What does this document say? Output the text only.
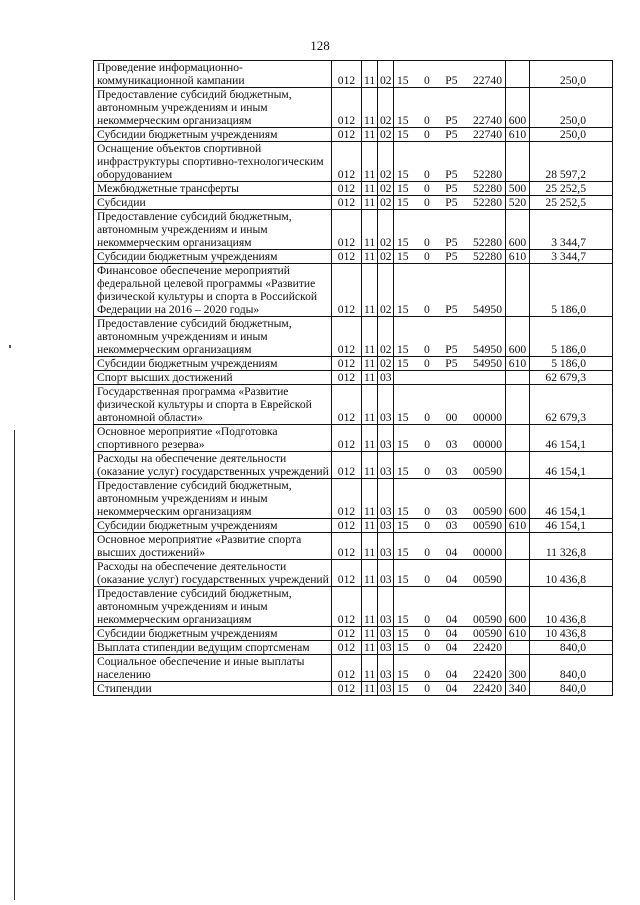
128
Проведение информационно-коммуникационной кампании	012	11	02	15 0 P5 22740		250,0
Предоставление субсидий бюджетным, автономным учреждениям и иным некоммерческим организациям	012	11	02	15 0 P5 22740	600	250,0
Субсидии бюджетным учреждениям	012	11	02	15 0 P5 22740	610	250,0
Оснащение объектов спортивной инфраструктуры спортивно-технологическим оборудованием	012	11	02	15 0 P5 52280		28 597,2
Межбюджетные трансферты	012	11	02	15 0 P5 52280	500	25 252,5
Субсидии	012	11	02	15 0 P5 52280	520	25 252,5
Предоставление субсидий бюджетным, автономным учреждениям и иным некоммерческим организациям	012	11	02	15 0 P5 52280	600	3 344,7
Субсидии бюджетным учреждениям	012	11	02	15 0 P5 52280	610	3 344,7
Финансовое обеспечение мероприятий федеральной целевой программы «Развитие физической культуры и спорта в Российской Федерации на 2016 – 2020 годы»	012	11	02	15 0 P5 54950		5 186,0
Предоставление субсидий бюджетным, автономным учреждениям и иным некоммерческим организациям	012	11	02	15 0 P5 54950	600	5 186,0
Субсидии бюджетным учреждениям	012	11	02	15 0 P5 54950	610	5 186,0
Спорт высших достижений	012	11	03			62 679,3
Государственная программа «Развитие физической культуры и спорта в Еврейской автономной области»	012	11	03	15 0 00 00000		62 679,3
Основное мероприятие «Подготовка спортивного резерва»	012	11	03	15 0 03 00000		46 154,1
Расходы на обеспечение деятельности (оказание услуг) государственных учреждений	012	11	03	15 0 03 00590		46 154,1
Предоставление субсидий бюджетным, автономным учреждениям и иным некоммерческим организациям	012	11	03	15 0 03 00590	600	46 154,1
Субсидии бюджетным учреждениям	012	11	03	15 0 03 00590	610	46 154,1
Основное мероприятие «Развитие спорта высших достижений»	012	11	03	15 0 04 00000		11 326,8
Расходы на обеспечение деятельности (оказание услуг) государственных учреждений	012	11	03	15 0 04 00590		10 436,8
Предоставление субсидий бюджетным, автономным учреждениям и иным некоммерческим организациям	012	11	03	15 0 04 00590	600	10 436,8
Субсидии бюджетным учреждениям	012	11	03	15 0 04 00590	610	10 436,8
Выплата стипендии ведущим спортсменам	012	11	03	15 0 04 22420		840,0
Социальное обеспечение и иные выплаты населению	012	11	03	15 0 04 22420	300	840,0
Стипендии	012	11	03	15 0 04 22420	340	840,0
